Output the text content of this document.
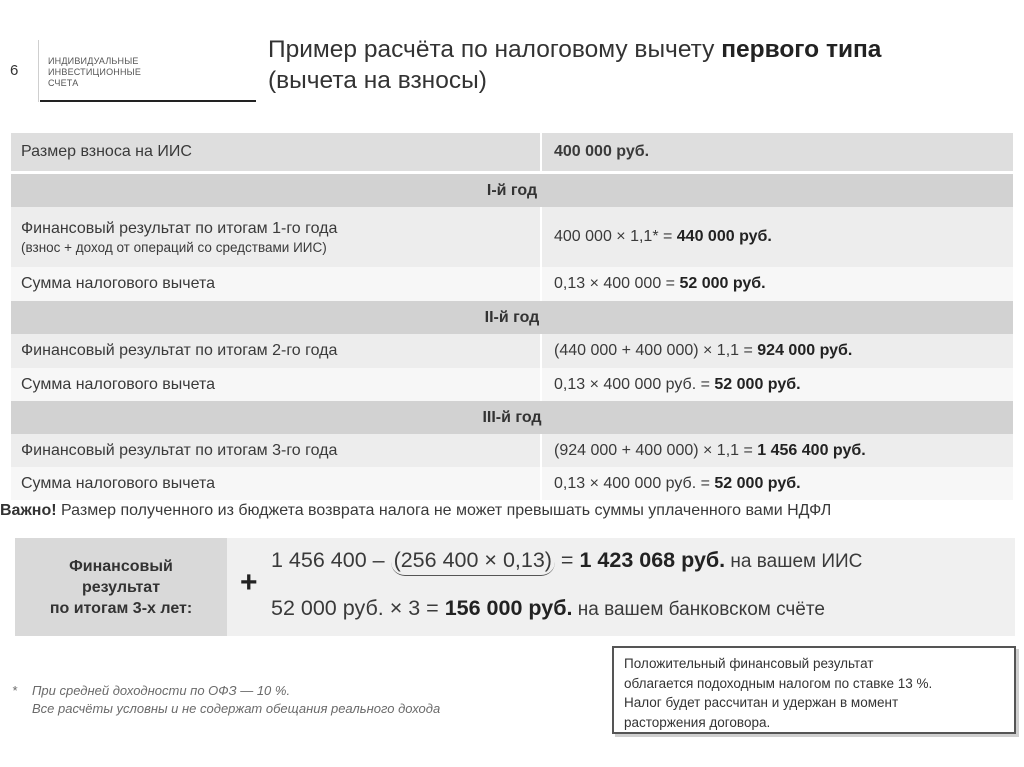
6
ИНДИВИДУАЛЬНЫЕ
ИНВЕСТИЦИОННЫЕ
СЧЕТА
Пример расчёта по налоговому вычету первого типа
(вычета на взносы)
Размер взноса на ИИС	400 000 руб.

I-й год	
Финансовый результат по итогам 1-го года
(взнос + доход от операций со средствами ИИС)	400 000 × 1,1* = 440 000 руб.
Сумма налогового вычета	0,13 × 400 000 = 52 000 руб.
II-й год	
Финансовый результат по итогам 2-го года	(440 000 + 400 000) × 1,1 = 924 000 руб.
Сумма налогового вычета	0,13 × 400 000 руб. = 52 000 руб.
III-й год	
Финансовый результат по итогам 3-го года	(924 000 + 400 000) × 1,1 = 1 456 400 руб.
Сумма налогового вычета	0,13 × 400 000 руб. = 52 000 руб.
Важно! Размер полученного из бюджета возврата налога не может превышать суммы уплаченного вами НДФЛ
Финансовый
результат
по итогам 3-х лет:
+
1 456 400 – (256 400 × 0,13) = 1 423 068 руб. на вашем ИИС
52 000 руб. × 3 = 156 000 руб. на вашем банковском счёте
* При средней доходности по ОФЗ — 10 %.
Все расчёты условны и не содержат обещания реального дохода
Положительный финансовый результат
облагается подоходным налогом по ставке 13 %.
Налог будет рассчитан и удержан в момент
расторжения договора.
